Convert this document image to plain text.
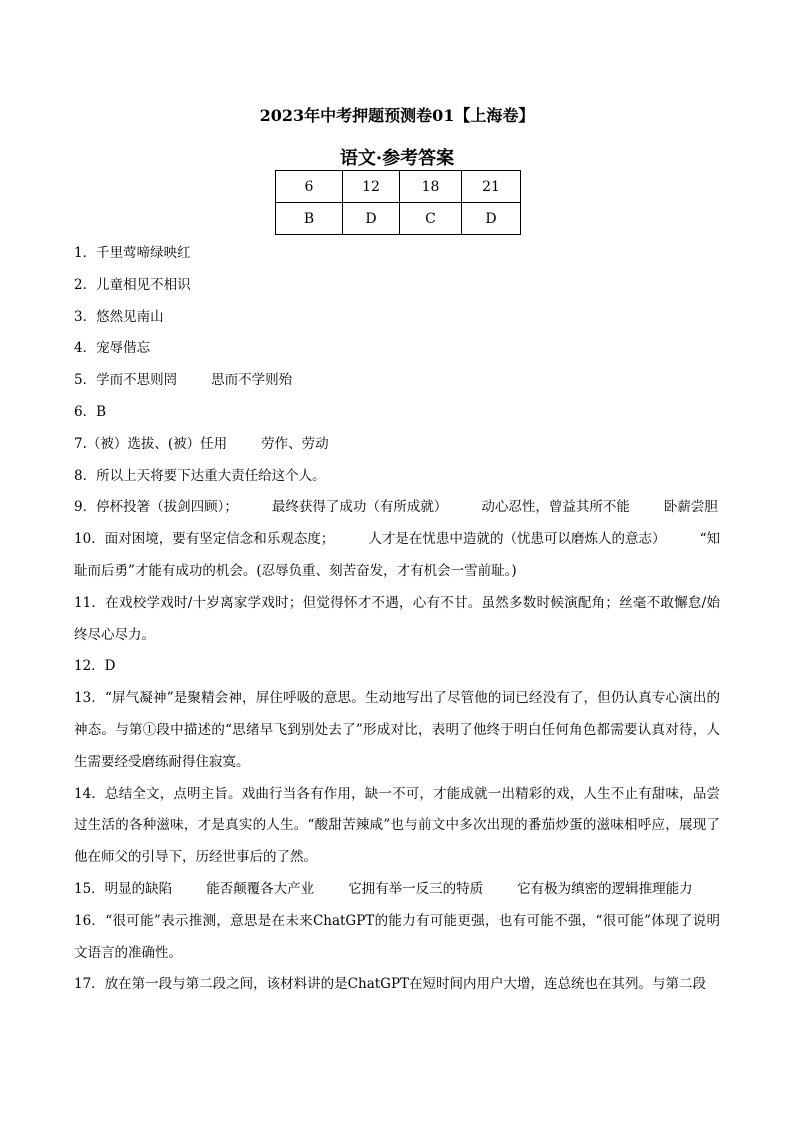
2023年中考押题预测卷01【上海卷】
语文·参考答案
6	12	18	21
B	D	C	D
1．千里莺啼绿映红
2．儿童相见不相识
3．悠然见南山
4．宠辱偕忘
5．学而不思则罔	思而不学则殆
6．B
7.（被）选拔、(被）任用	劳作、劳动
8．所以上天将要下达重大责任给这个人。
9．停杯投箸（拔剑四顾）；	最终获得了成功（有所成就）	动心忍性，曾益其所不能	卧薪尝胆
10．面对困境，要有坚定信念和乐观态度；	人才是在忧患中造就的（忧患可以磨炼人的意志）	“知耻而后勇”才能有成功的机会。(忍辱负重、刻苦奋发，才有机会一雪前耻。)
11．在戏校学戏时/十岁离家学戏时；但觉得怀才不遇，心有不甘。虽然多数时候演配角；丝毫不敢懈怠/始终尽心尽力。
12．D
13．“屏气凝神”是聚精会神，屏住呼吸的意思。生动地写出了尽管他的词已经没有了，但仍认真专心演出的神态。与第①段中描述的“思绪早飞到别处去了”形成对比，表明了他终于明白任何角色都需要认真对待，人生需要经受磨练耐得住寂寞。
14．总结全文，点明主旨。戏曲行当各有作用，缺一不可，才能成就一出精彩的戏，人生不止有甜味，品尝过生活的各种滋味，才是真实的人生。“酸甜苦辣咸”也与前文中多次出现的番茄炒蛋的滋味相呼应，展现了他在师父的引导下，历经世事后的了然。
15．明显的缺陷	能否颠覆各大产业	它拥有举一反三的特质	它有极为缜密的逻辑推理能力
16．“很可能”表示推测，意思是在未来ChatGPT的能力有可能更强，也有可能不强，“很可能”体现了说明文语言的准确性。
17．放在第一段与第二段之间，该材料讲的是ChatGPT在短时间内用户大增，连总统也在其列。与第二段
